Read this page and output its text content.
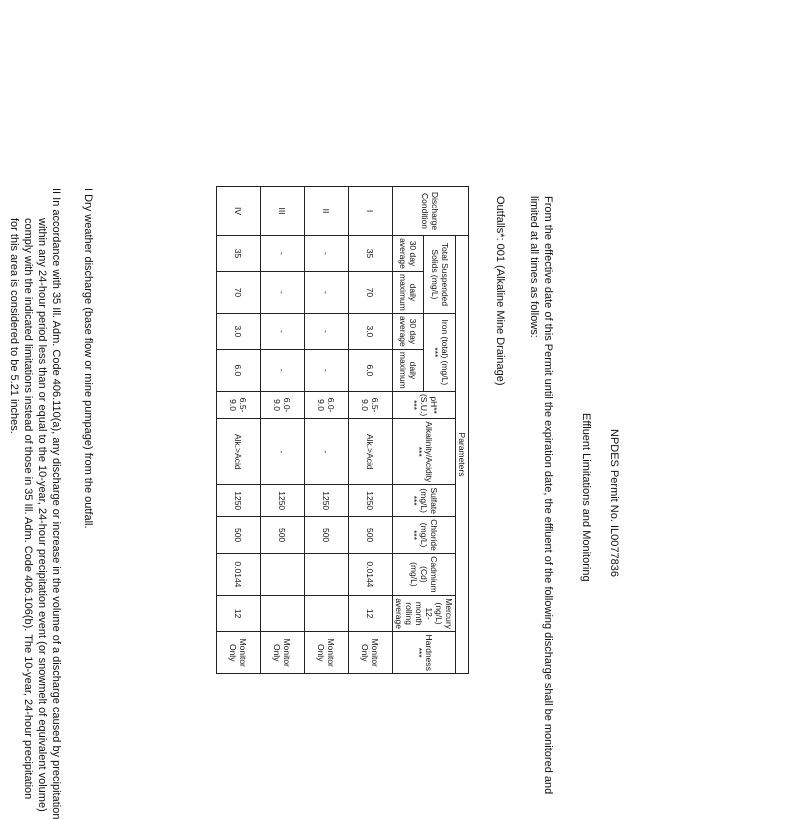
NPDES Permit No. IL0077836
Effluent Limitations and Monitoring
From the effective date of this Permit until the expiration date, the effluent of the following discharge shall be monitored and
limited at all times as follows:
Outfalls*: 001 (Alkaline Mine Drainage)
Discharge Condition	Parameters										
	Total Suspended Solids (mg/L)		Iron (total) (mg/L) ***		pH** (S.U.) ***	Alkalinity/Acidity ***	Sulfate (mg/L) ***	Chloride (mg/L) ***	Cadmium (Cd) (mg/L)	Mercury (ng/L) 12-month rolling average	Hardness ***
	30 day average	daily maximum	30 day average	daily maximum							
I	35	70	3.0	6.0	6.5-9.0	Alk.>Acid	1250	500	0.0144	12	Monitor Only
II	-	-	-	-	6.0-9.0	-	1250	500			Monitor Only
III	-	-	-	-	6.0-9.0	-	1250	500			Monitor Only
IV	35	70	3.0	6.0	6.5-9.0	Alk.>Acid	1250	500	0.0144	12	Monitor Only
I Dry weather discharge (base flow or mine pumpage) from the outfall.
II In accordance with 35 Ill. Adm. Code 406.110(a), any discharge or increase in the volume of a discharge caused by precipitation
within any 24-hour period less than or equal to the 10-year, 24-hour precipitation event (or snowmelt of equivalent volume)
comply with the indicated limitations instead of those in 35 Ill. Adm. Code 406.106(b). The 10-year, 24-hour precipitation
for this area is considered to be 5.21 inches.
